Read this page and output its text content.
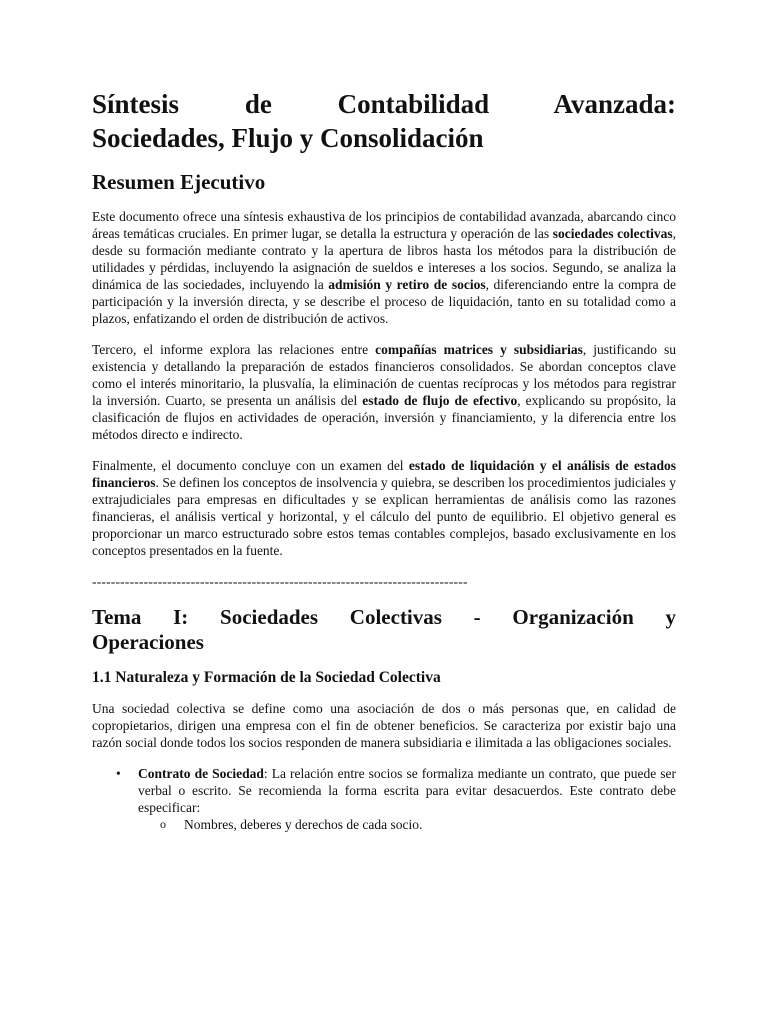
Síntesis de Contabilidad Avanzada:
Sociedades, Flujo y Consolidación
Resumen Ejecutivo

Este documento ofrece una síntesis exhaustiva de los principios de contabilidad avanzada, abarcando cinco áreas temáticas cruciales. En primer lugar, se detalla la estructura y operación de las sociedades colectivas, desde su formación mediante contrato y la apertura de libros hasta los métodos para la distribución de utilidades y pérdidas, incluyendo la asignación de sueldos e intereses a los socios. Segundo, se analiza la dinámica de las sociedades, incluyendo la admisión y retiro de socios, diferenciando entre la compra de participación y la inversión directa, y se describe el proceso de liquidación, tanto en su totalidad como a plazos, enfatizando el orden de distribución de activos.

Tercero, el informe explora las relaciones entre compañías matrices y subsidiarias, justificando su existencia y detallando la preparación de estados financieros consolidados. Se abordan conceptos clave como el interés minoritario, la plusvalía, la eliminación de cuentas recíprocas y los métodos para registrar la inversión. Cuarto, se presenta un análisis del estado de flujo de efectivo, explicando su propósito, la clasificación de flujos en actividades de operación, inversión y financiamiento, y la diferencia entre los métodos directo e indirecto.

Finalmente, el documento concluye con un examen del estado de liquidación y el análisis de estados financieros. Se definen los conceptos de insolvencia y quiebra, se describen los procedimientos judiciales y extrajudiciales para empresas en dificultades y se explican herramientas de análisis como las razones financieras, el análisis vertical y horizontal, y el cálculo del punto de equilibrio. El objetivo general es proporcionar un marco estructurado sobre estos temas contables complejos, basado exclusivamente en los conceptos presentados en la fuente.

--------------------------------------------------------------------------------
Tema I: Sociedades Colectivas - Organización y
Operaciones
1.1 Naturaleza y Formación de la Sociedad Colectiva

Una sociedad colectiva se define como una asociación de dos o más personas que, en calidad de copropietarios, dirigen una empresa con el fin de obtener beneficios. Se caracteriza por existir bajo una razón social donde todos los socios responden de manera subsidiaria e ilimitada a las obligaciones sociales.

• Contrato de Sociedad: La relación entre socios se formaliza mediante un contrato, que puede ser verbal o escrito. Se recomienda la forma escrita para evitar desacuerdos. Este contrato debe especificar:
o Nombres, deberes y derechos de cada socio.
